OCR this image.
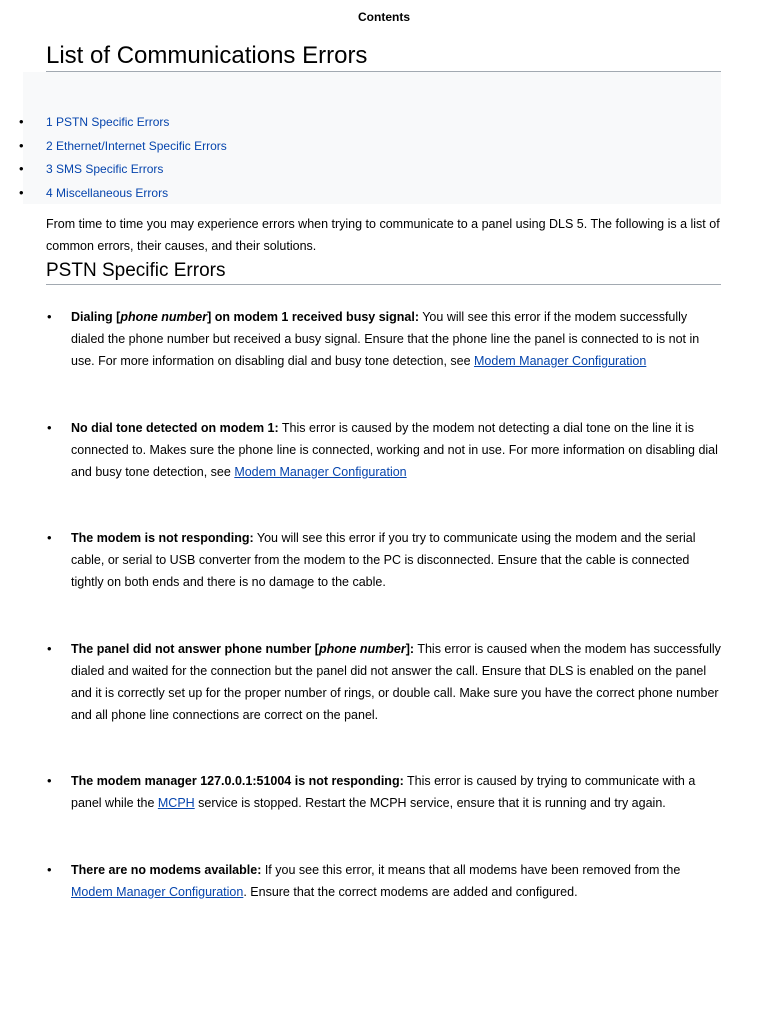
List of Communications Errors
Contents
• 1 PSTN Specific Errors
• 2 Ethernet/Internet Specific Errors
• 3 SMS Specific Errors
• 4 Miscellaneous Errors

From time to time you may experience errors when trying to communicate to a panel using DLS 5. The following is a list of common errors, their causes, and their solutions.

PSTN Specific Errors
• Dialing [phone number] on modem 1 received busy signal: You will see this error if the modem successfully dialed the phone number but received a busy signal. Ensure that the phone line the panel is connected to is not in use. For more information on disabling dial and busy tone detection, see Modem Manager Configuration
• No dial tone detected on modem 1: This error is caused by the modem not detecting a dial tone on the line it is connected to. Makes sure the phone line is connected, working and not in use. For more information on disabling dial and busy tone detection, see Modem Manager Configuration
• The modem is not responding: You will see this error if you try to communicate using the modem and the serial cable, or serial to USB converter from the modem to the PC is disconnected. Ensure that the cable is connected tightly on both ends and there is no damage to the cable.
• The panel did not answer phone number [phone number]: This error is caused when the modem has successfully dialed and waited for the connection but the panel did not answer the call. Ensure that DLS is enabled on the panel and it is correctly set up for the proper number of rings, or double call. Make sure you have the correct phone number and all phone line connections are correct on the panel.
• The modem manager 127.0.0.1:51004 is not responding: This error is caused by trying to communicate with a panel while the MCPH service is stopped. Restart the MCPH service, ensure that it is running and try again.
• There are no modems available: If you see this error, it means that all modems have been removed from the Modem Manager Configuration. Ensure that the correct modems are added and configured.
